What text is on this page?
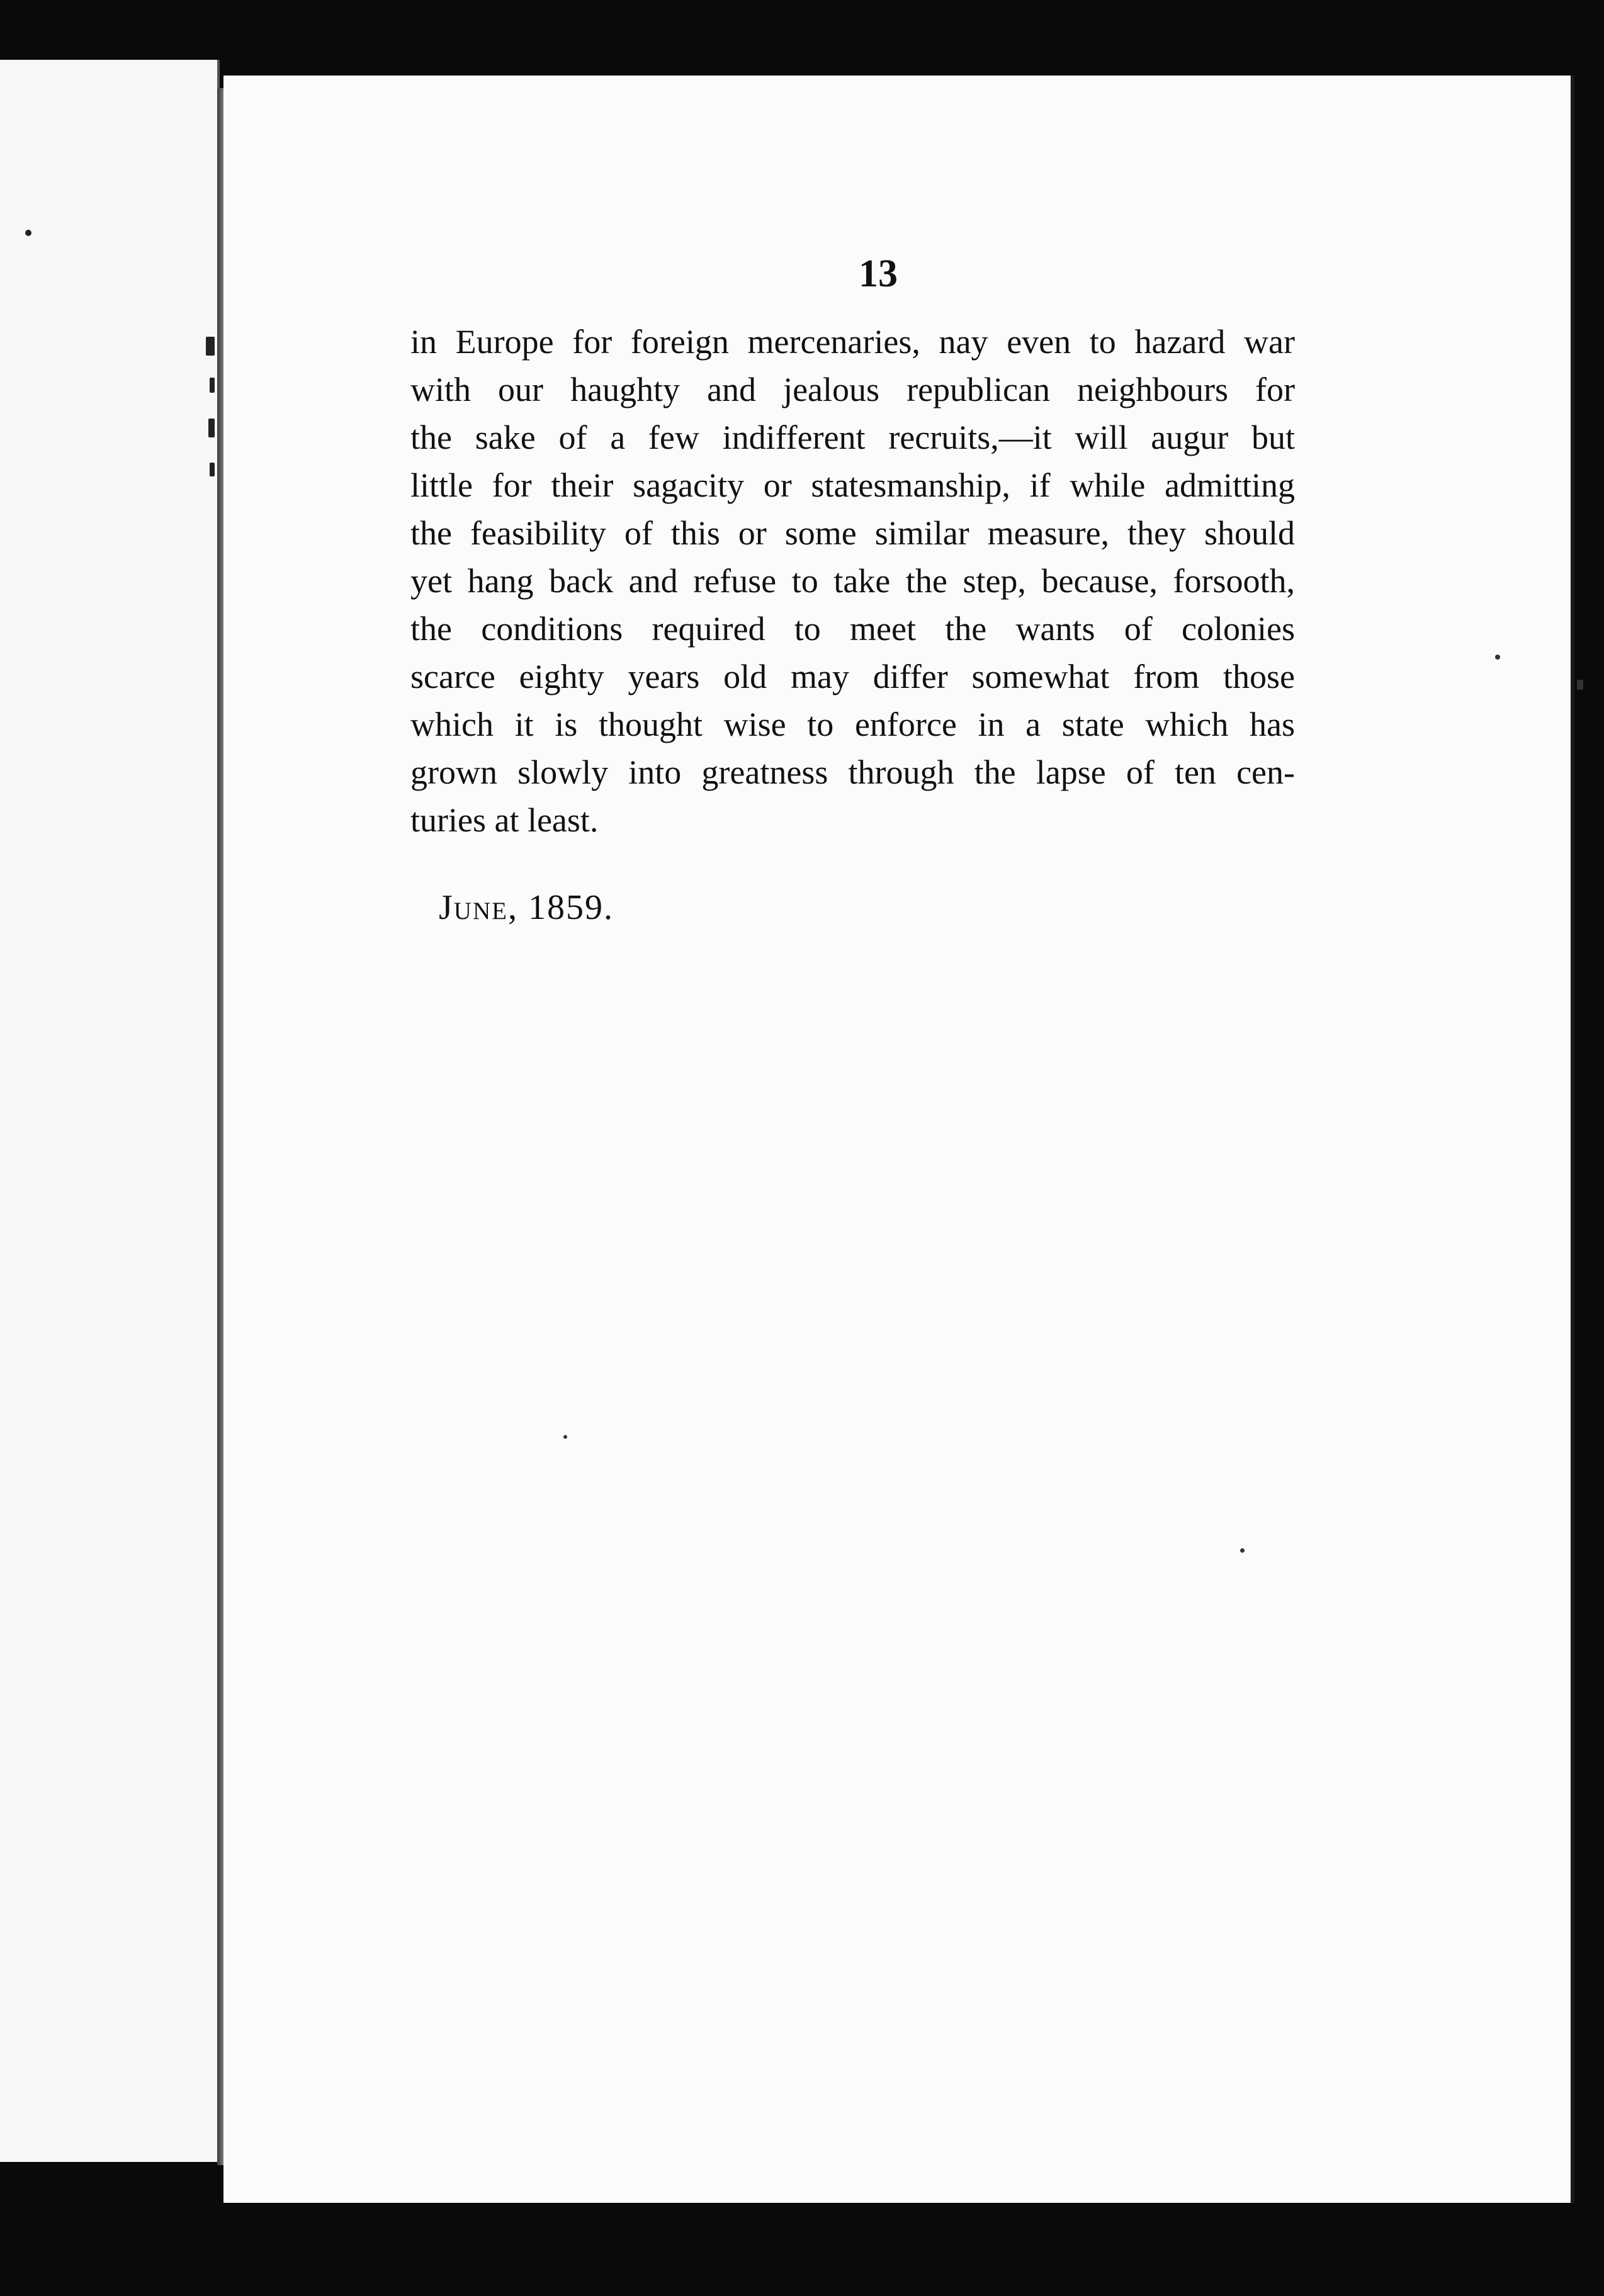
13
in Europe for foreign mercenaries, nay even to hazard war
with our haughty and jealous republican neighbours for
the sake of a few indifferent recruits,—it will augur but
little for their sagacity or statesmanship, if while admitting
the feasibility of this or some similar measure, they should
yet hang back and refuse to take the step, because, forsooth,
the conditions required to meet the wants of colonies
scarce eighty years old may differ somewhat from those
which it is thought wise to enforce in a state which has
grown slowly into greatness through the lapse of ten cen-
turies at least.
June, 1859.
